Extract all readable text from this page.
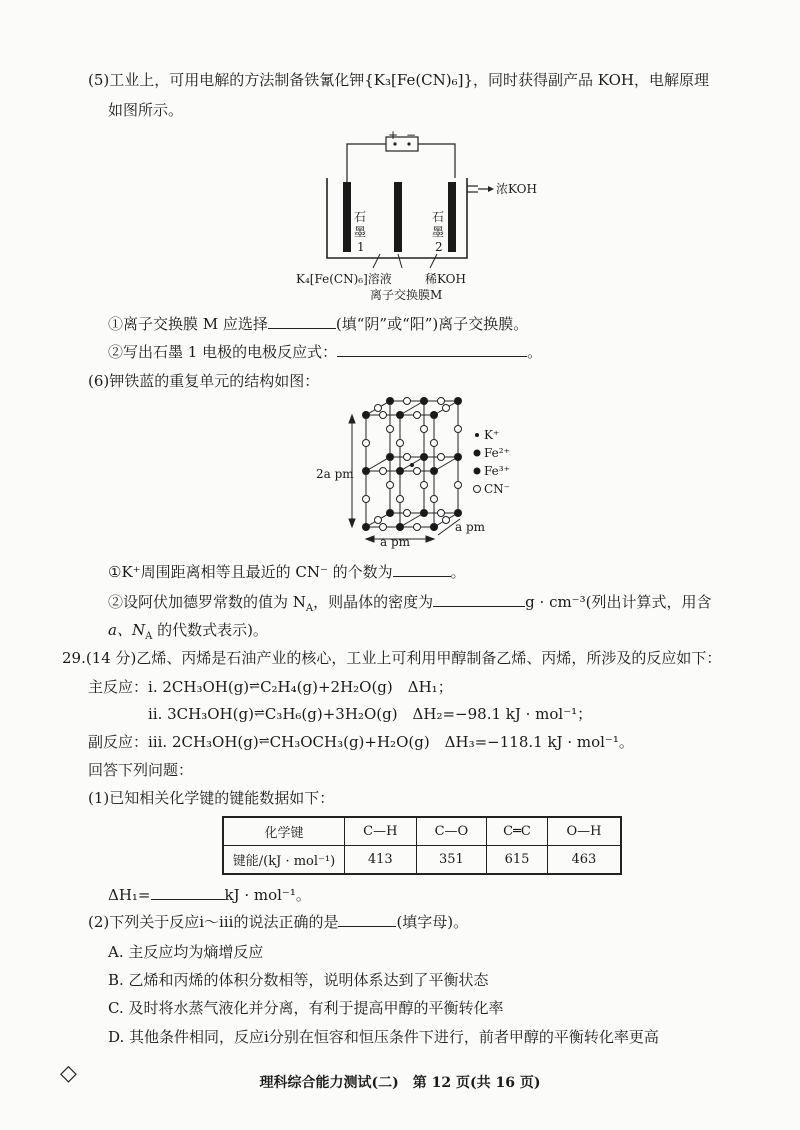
(5)工业上，可用电解的方法制备铁氰化钾{K₃[Fe(CN)₆]}，同时获得副产品 KOH，电解原理
如图所示。
+ −
浓KOH
石
墨
1
石
墨
2
K₄[Fe(CN)₆]溶液	稀KOH
离子交换膜M
①离子交换膜 M 应选择	(填“阴”或“阳”)离子交换膜。
②写出石墨 1 电极的电极反应式：	。
(6)钾铁蓝的重复单元的结构如图：
K⁺
Fe²⁺
Fe³⁺
CN⁻
2a pm
a pm
a pm
①K⁺周围距离相等且最近的 CN⁻ 的个数为	。
②设阿伏加德罗常数的值为 $N_A$，则晶体的密度为	g · cm⁻³(列出计算式，用含
a、$N_A$ 的代数式表示)。
29.(14 分)乙烯、丙烯是石油产业的核心，工业上可利用甲醇制备乙烯、丙烯，所涉及的反应如下：
主反应：ⅰ. 2CH₃OH(g)⇌C₂H₄(g)+2H₂O(g)　ΔH₁；
ⅱ. 3CH₃OH(g)⇌C₃H₆(g)+3H₂O(g)　ΔH₂=−98.1 kJ · mol⁻¹；
副反应：ⅲ. 2CH₃OH(g)⇌CH₃OCH₃(g)+H₂O(g)　ΔH₃=−118.1 kJ · mol⁻¹。
回答下列问题：
(1)已知相关化学键的键能数据如下：
化学键	C—H	C—O	C═C	O—H
键能/(kJ · mol⁻¹)	413	351	615	463
ΔH₁=	kJ · mol⁻¹。
(2)下列关于反应ⅰ～ⅲ的说法正确的是	(填字母)。
A. 主反应均为熵增反应
B. 乙烯和丙烯的体积分数相等，说明体系达到了平衡状态
C. 及时将水蒸气液化并分离，有利于提高甲醇的平衡转化率
D. 其他条件相同，反应ⅰ分别在恒容和恒压条件下进行，前者甲醇的平衡转化率更高
◇	理科综合能力测试(二)　第 12 页(共 16 页)
